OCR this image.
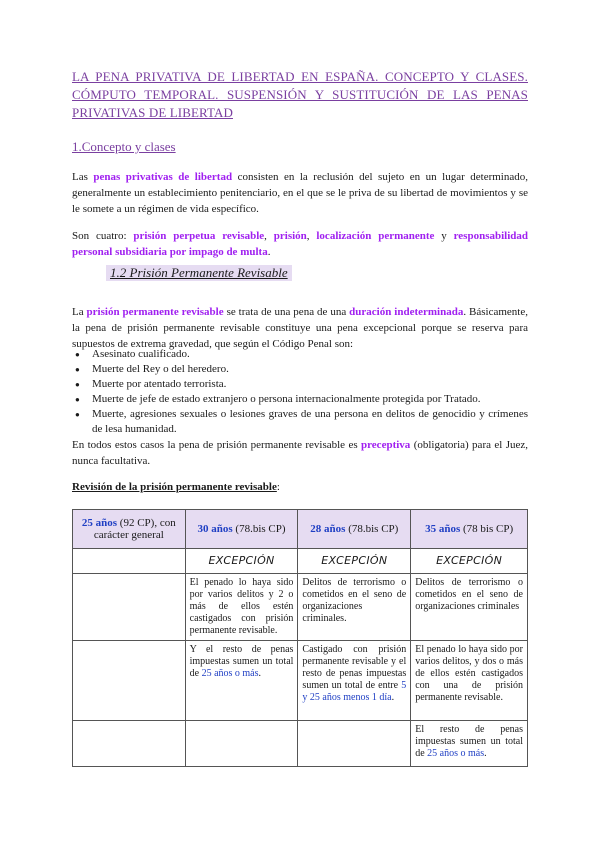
LA PENA PRIVATIVA DE LIBERTAD EN ESPAÑA. CONCEPTO Y CLASES. CÓMPUTO TEMPORAL. SUSPENSIÓN Y SUSTITUCIÓN DE LAS PENAS PRIVATIVAS DE LIBERTAD
1.Concepto y clases
Las penas privativas de libertad consisten en la reclusión del sujeto en un lugar determinado, generalmente un establecimiento penitenciario, en el que se le priva de su libertad de movimientos y se le somete a un régimen de vida específico.
Son cuatro: prisión perpetua revisable, prisión, localización permanente y responsabilidad personal subsidiaria por impago de multa.
1.2 Prisión Permanente Revisable
La prisión permanente revisable se trata de una pena de una duración indeterminada. Básicamente, la pena de prisión permanente revisable constituye una pena excepcional porque se reserva para supuestos de extrema gravedad, que según el Código Penal son:
● Asesinato cualificado.
● Muerte del Rey o del heredero.
● Muerte por atentado terrorista.
● Muerte de jefe de estado extranjero o persona internacionalmente protegida por Tratado.
● Muerte, agresiones sexuales o lesiones graves de una persona en delitos de genocidio y crímenes de lesa humanidad.
En todos estos casos la pena de prisión permanente revisable es preceptiva (obligatoria) para el Juez, nunca facultativa.
Revisión de la prisión permanente revisable:
25 años (92 CP), con carácter general	30 años (78.bis CP)	28 años (78.bis CP)	35 años (78 bis CP)
	EXCEPCIÓN	EXCEPCIÓN	EXCEPCIÓN
	El penado lo haya sido por varios delitos y 2 o más de ellos estén castigados con prisión permanente revisable.	Delitos de terrorismo o cometidos en el seno de organizaciones criminales.	Delitos de terrorismo o cometidos en el seno de organizaciones criminales
	Y el resto de penas impuestas sumen un total de 25 años o más.	Castigado con prisión permanente revisable y el resto de penas impuestas sumen un total de entre 5 y 25 años menos 1 día.	El penado lo haya sido por varios delitos, y dos o más de ellos estén castigados con una de prisión permanente revisable.
			El resto de penas impuestas sumen un total de 25 años o más.
